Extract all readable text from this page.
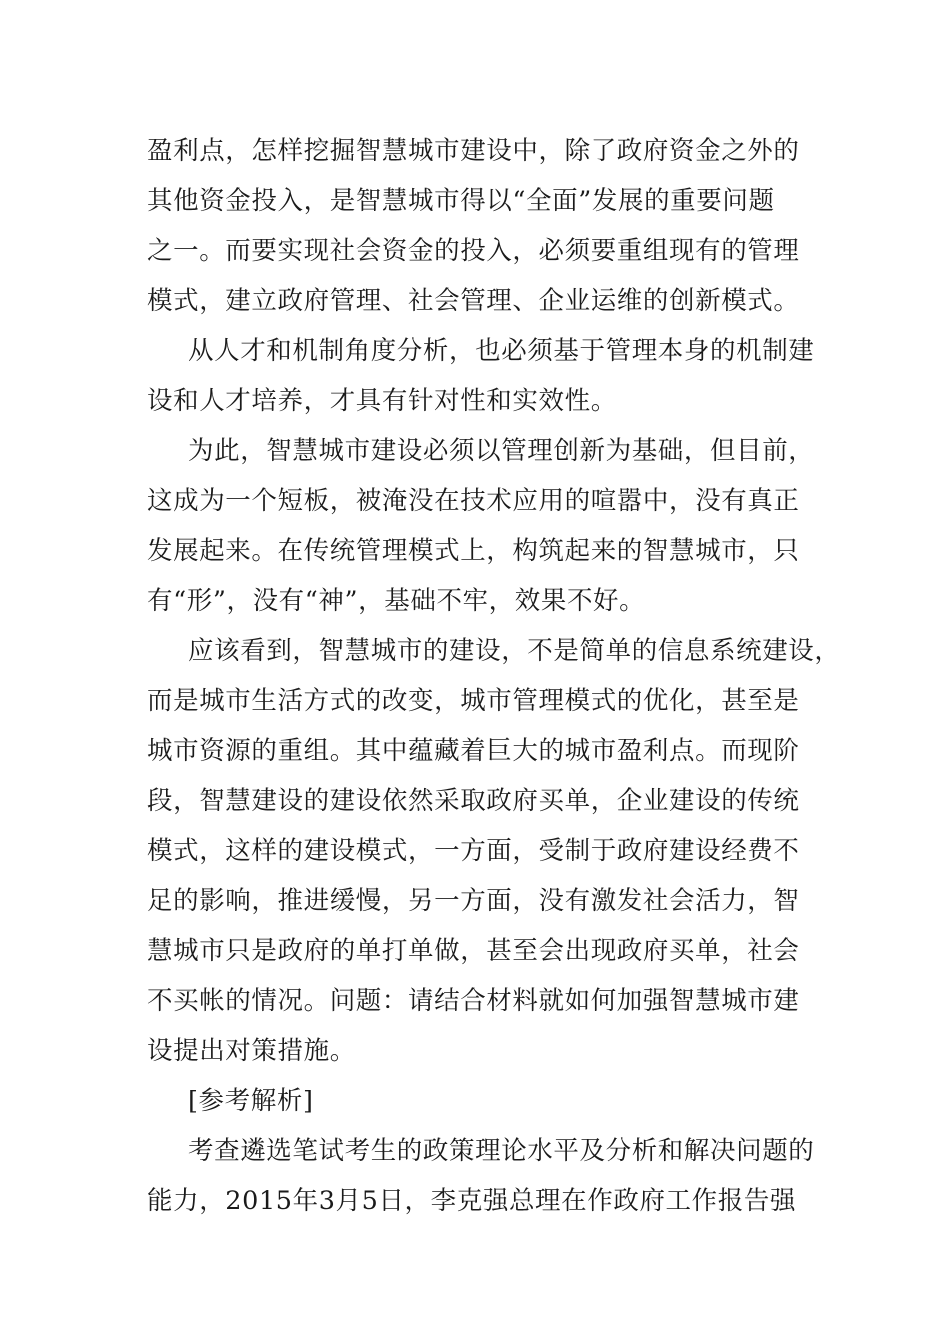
盈利点，怎样挖掘智慧城市建设中，除了政府资金之外的

其他资金投入，是智慧城市得以“全面”发展的重要问题

之一。而要实现社会资金的投入，必须要重组现有的管理

模式，建立政府管理、社会管理、企业运维的创新模式。

从人才和机制角度分析，也必须基于管理本身的机制建

设和人才培养，才具有针对性和实效性。

为此，智慧城市建设必须以管理创新为基础，但目前，

这成为一个短板，被淹没在技术应用的喧嚣中，没有真正

发展起来。在传统管理模式上，构筑起来的智慧城市，只

有“形”，没有“神”，基础不牢，效果不好。

应该看到，智慧城市的建设，不是简单的信息系统建设，

而是城市生活方式的改变，城市管理模式的优化，甚至是

城市资源的重组。其中蕴藏着巨大的城市盈利点。而现阶

段，智慧建设的建设依然采取政府买单，企业建设的传统

模式，这样的建设模式，一方面，受制于政府建设经费不

足的影响，推进缓慢，另一方面，没有激发社会活力，智

慧城市只是政府的单打单做，甚至会出现政府买单，社会

不买帐的情况。问题：请结合材料就如何加强智慧城市建

设提出对策措施。

[参考解析]

考查遴选笔试考生的政策理论水平及分析和解决问题的

能力，2015年3月5日，李克强总理在作政府工作报告强
